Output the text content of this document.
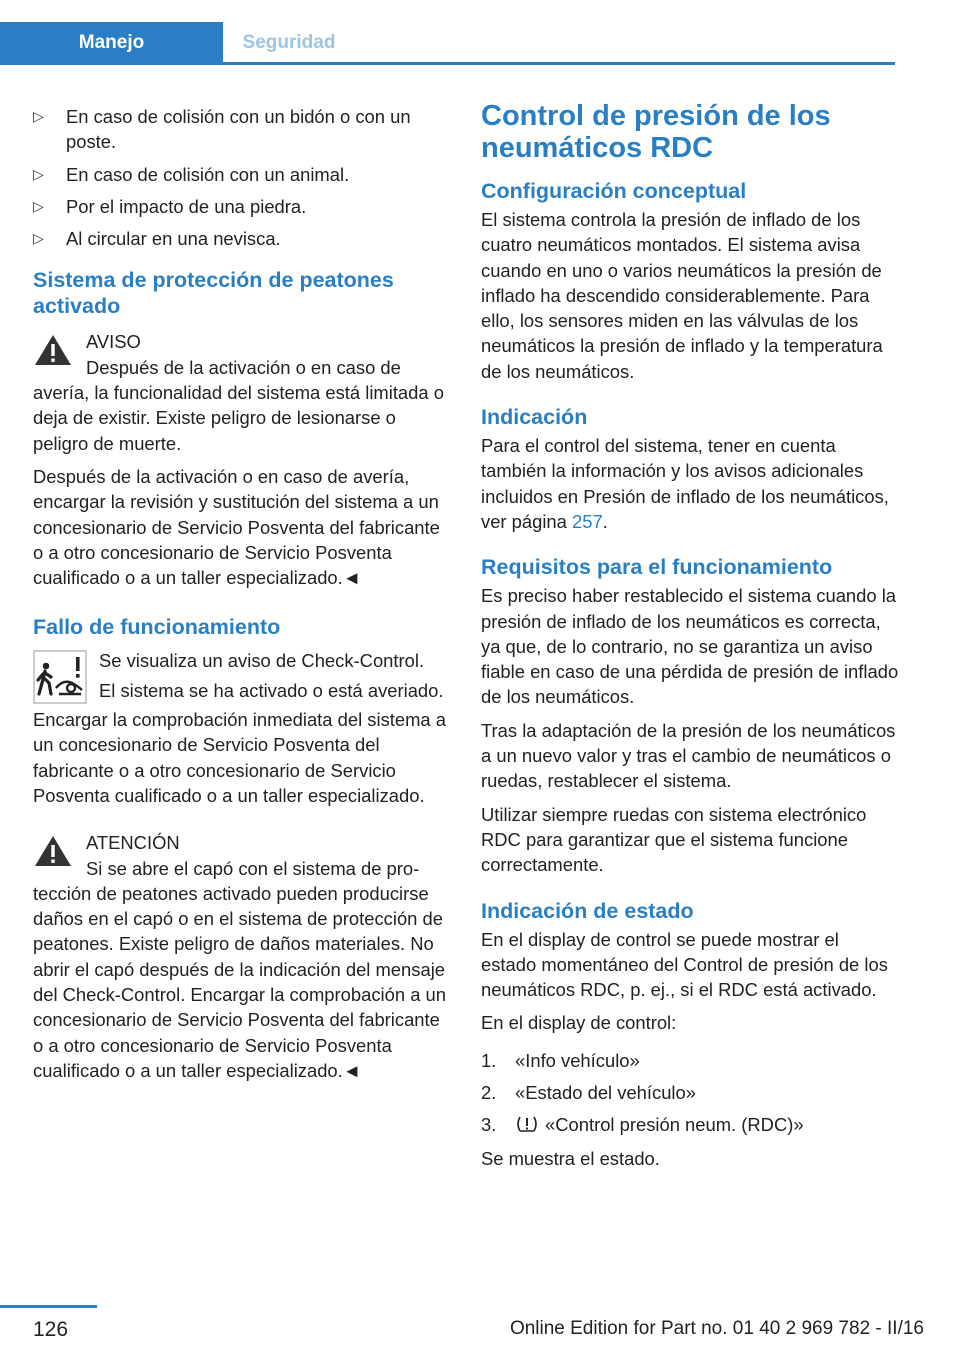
Manejo	Seguridad
▷ En caso de colisión con un bidón o con un poste.
▷ En caso de colisión con un animal.
▷ Por el impacto de una piedra.
▷ Al circular en una nevisca.
Sistema de protección de peatones activado

AVISO

Después de la activación o en caso de

avería, la funcionalidad del sistema está limitada o deja de existir. Existe peligro de lesionarse o peligro de muerte.

Después de la activación o en caso de avería, encargar la revisión y sustitución del sistema a un concesionario de Servicio Posventa del fabricante o a otro concesionario de Servicio Posventa cualificado o a un taller especializado.◄

Fallo de funcionamiento

Se visualiza un aviso de Check-Control.

El sistema se ha activado o está averiado.

Encargar la comprobación inmediata del sistema a un concesionario de Servicio Posventa del fabricante o a otro concesionario de Servicio Posventa cualificado o a un taller especializado.

ATENCIÓN

Si se abre el capó con el sistema de pro-

tección de peatones activado pueden producirse daños en el capó o en el sistema de protección de peatones. Existe peligro de daños materiales. No abrir el capó después de la indicación del mensaje del Check-Control. Encargar la comprobación a un concesionario de Servicio Posventa del fabricante o a otro concesionario de Servicio Posventa cualificado o a un taller especializado.◄

Control de presión de los neumáticos RDC
Configuración conceptual

El sistema controla la presión de inflado de los cuatro neumáticos montados. El sistema avisa cuando en uno o varios neumáticos la presión de inflado ha descendido considerablemente. Para ello, los sensores miden en las válvulas de los neumáticos la presión de inflado y la temperatura de los neumáticos.

Indicación

Para el control del sistema, tener en cuenta también la información y los avisos adicionales incluidos en Presión de inflado de los neumáticos, ver página 257.

Requisitos para el funcionamiento

Es preciso haber restablecido el sistema cuando la presión de inflado de los neumáticos es correcta, ya que, de lo contrario, no se garantiza un aviso fiable en caso de una pérdida de presión de inflado de los neumáticos.

Tras la adaptación de la presión de los neumáticos a un nuevo valor y tras el cambio de neumáticos o ruedas, restablecer el sistema.

Utilizar siempre ruedas con sistema electrónico RDC para garantizar que el sistema funcione correctamente.

Indicación de estado

En el display de control se puede mostrar el estado momentáneo del Control de presión de los neumáticos RDC, p. ej., si el RDC está activado.

En el display de control:

1. «Info vehículo»
2. «Estado del vehículo»
3.	«Control presión neum. (RDC)»

Se muestra el estado.

126	Online Edition for Part no. 01 40 2 969 782 - II/16
